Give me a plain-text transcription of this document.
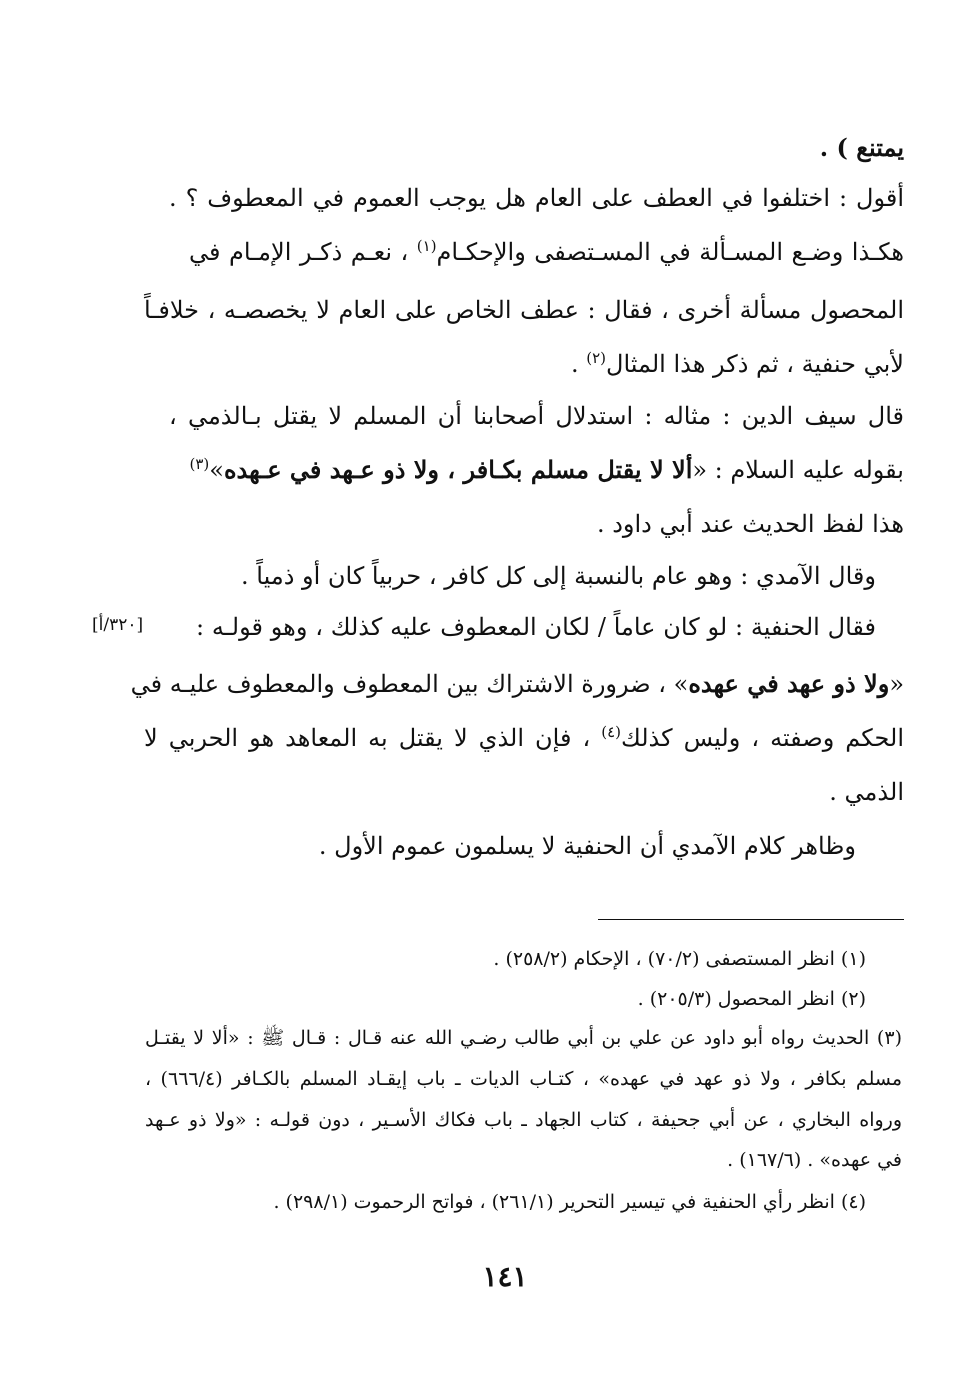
يمتنع ) .
أقول : اختلفوا في العطف على العام هل يوجب العموم في المعطوف ؟ .
هكـذا وضـع المسـألة في المسـتصفى والإحكـام$^{(١)}$ ، نعـم ذكـر الإمـام في
المحصول مسألة أخرى ، فقال : عطف الخاص على العام لا يخصصـه ، خلافـاً
لأبي حنفية ، ثم ذكر هذا المثال$^{(٢)}$ .
قال سيف الدين : مثاله : استدلال أصحابنا أن المسلم لا يقتل بـالذمي ،
بقوله عليه السلام : «ألا لا يقتل مسلم بكـافر ، ولا ذو عـهد في عـهده»$^{(٣)}$
هذا لفظ الحديث عند أبي داود .
وقال الآمدي : وهو عام بالنسبة إلى كل كافر ، حربياً كان أو ذمياً .
فقال الحنفية : لو كان عاماً / لكان المعطوف عليه كذلك ، وهو قولـه :
[٣٢٠/أ]
«ولا ذو عهد في عهده» ، ضرورة الاشتراك بين المعطوف والمعطوف عليـه في
الحكم وصفته ، وليس كذلك$^{(٤)}$ ، فإن الذي لا يقتل به المعاهد هو الحربي لا
الذمي .
وظاهر كلام الآمدي أن الحنفية لا يسلمون عموم الأول .
(١) انظر المستصفى (٧٠/٢) ، الإحكام (٢٥٨/٢) .
(٢) انظر المحصول (٢٠٥/٣) .
(٣) الحديث رواه أبو داود عن علي بن أبي طالب رضـي الله عنه قـال : قـال ﷺ : «ألا لا يقتـل
مسلم بكافر ، ولا ذو عهد في عهده» ، كتـاب الديات ـ باب إيقـاد المسلم بالكـافر (٦٦٦/٤) ،
ورواه البخاري ، عن أبي جحيفة ، كتاب الجهاد ـ باب فكاك الأسـير ، دون قولـه : «ولا ذو عـهد
في عهده» . (١٦٧/٦) .
(٤) انظر رأي الحنفية في تيسير التحرير (٢٦١/١) ، فواتح الرحموت (٢٩٨/١) .
١٤١
